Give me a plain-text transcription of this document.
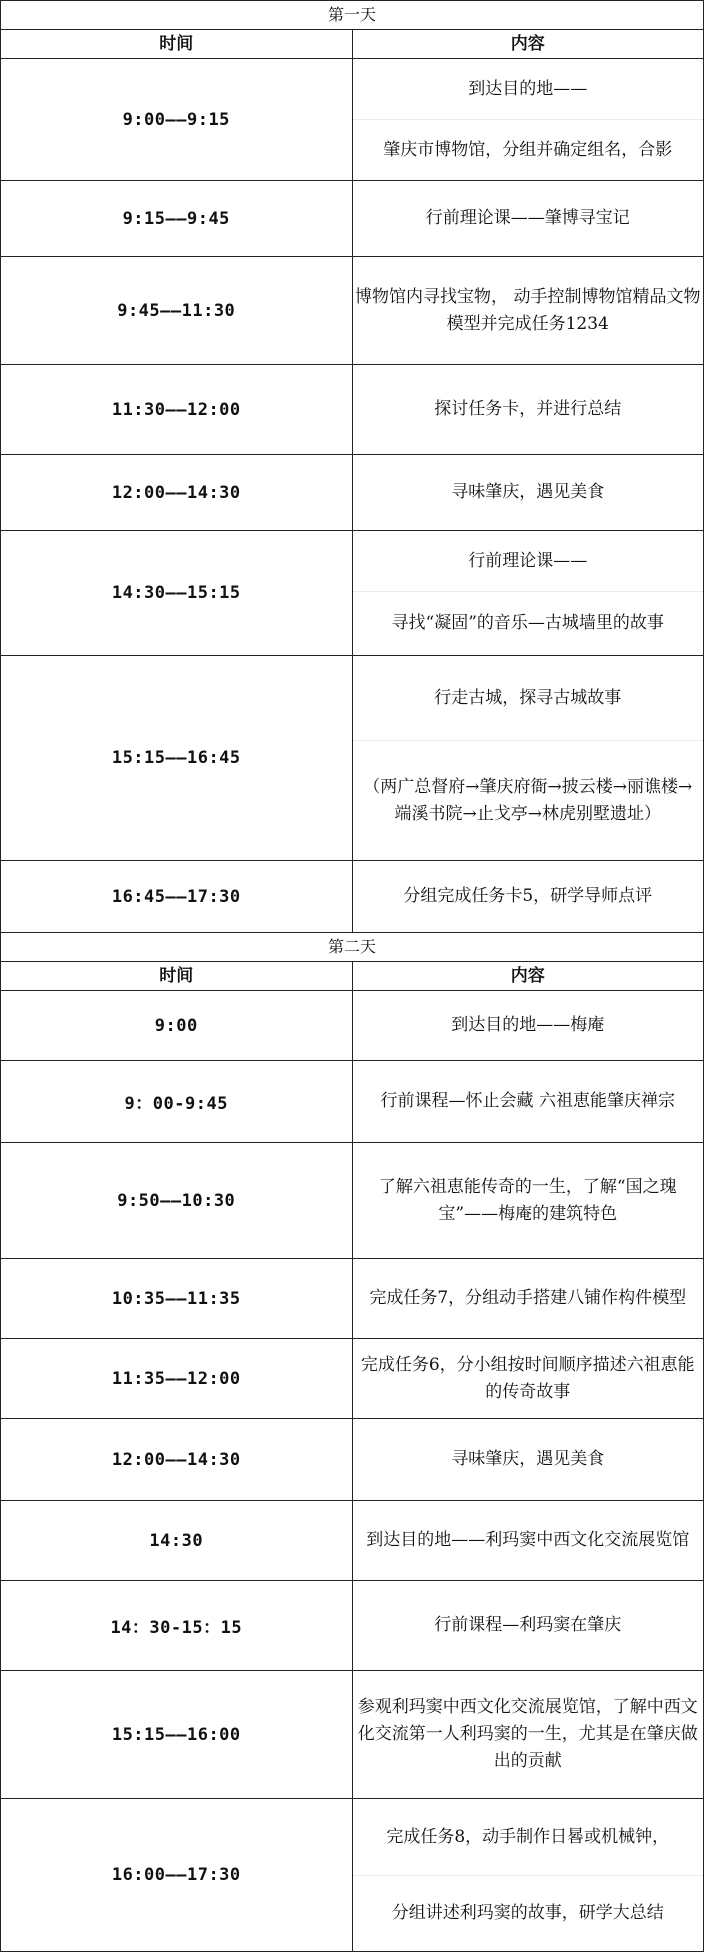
第一天	
时间	内容
9:00——9:15	到达目的地——
肇庆市博物馆，分组并确定组名，合影

9:15——9:45	行前理论课——肇博寻宝记
9:45——11:30	博物馆内寻找宝物， 动手控制博物馆精品文物模型并完成任务1234
11:30——12:00	探讨任务卡，并进行总结
12:00——14:30	寻味肇庆，遇见美食
14:30——15:15	行前理论课——
寻找“凝固”的音乐—古城墙里的故事

15:15——16:45	行走古城，探寻古城故事
（两广总督府→肇庆府衙→披云楼→丽谯楼→端溪书院→止戈亭→林虎别墅遗址）

16:45——17:30	分组完成任务卡5，研学导师点评
第二天	
时间	内容
9:00	到达目的地——梅庵
9：00-9:45	行前课程—怀止会藏 六祖恵能肇庆禅宗
9:50——10:30	了解六祖恵能传奇的一生，了解“国之瑰宝”——梅庵的建筑特色
10:35——11:35	完成任务7，分组动手搭建八铺作构件模型
11:35——12:00	完成任务6，分小组按时间顺序描述六祖恵能的传奇故事
12:00——14:30	寻味肇庆，遇见美食
14:30	到达目的地——利玛窦中西文化交流展览馆
14：30-15：15	行前课程—利玛窦在肇庆
15:15——16:00	参观利玛窦中西文化交流展览馆，了解中西文化交流第一人利玛窦的一生，尤其是在肇庆做出的贡献
16:00——17:30	完成任务8，动手制作日晷或机械钟，
分组讲述利玛窦的故事，研学大总结
